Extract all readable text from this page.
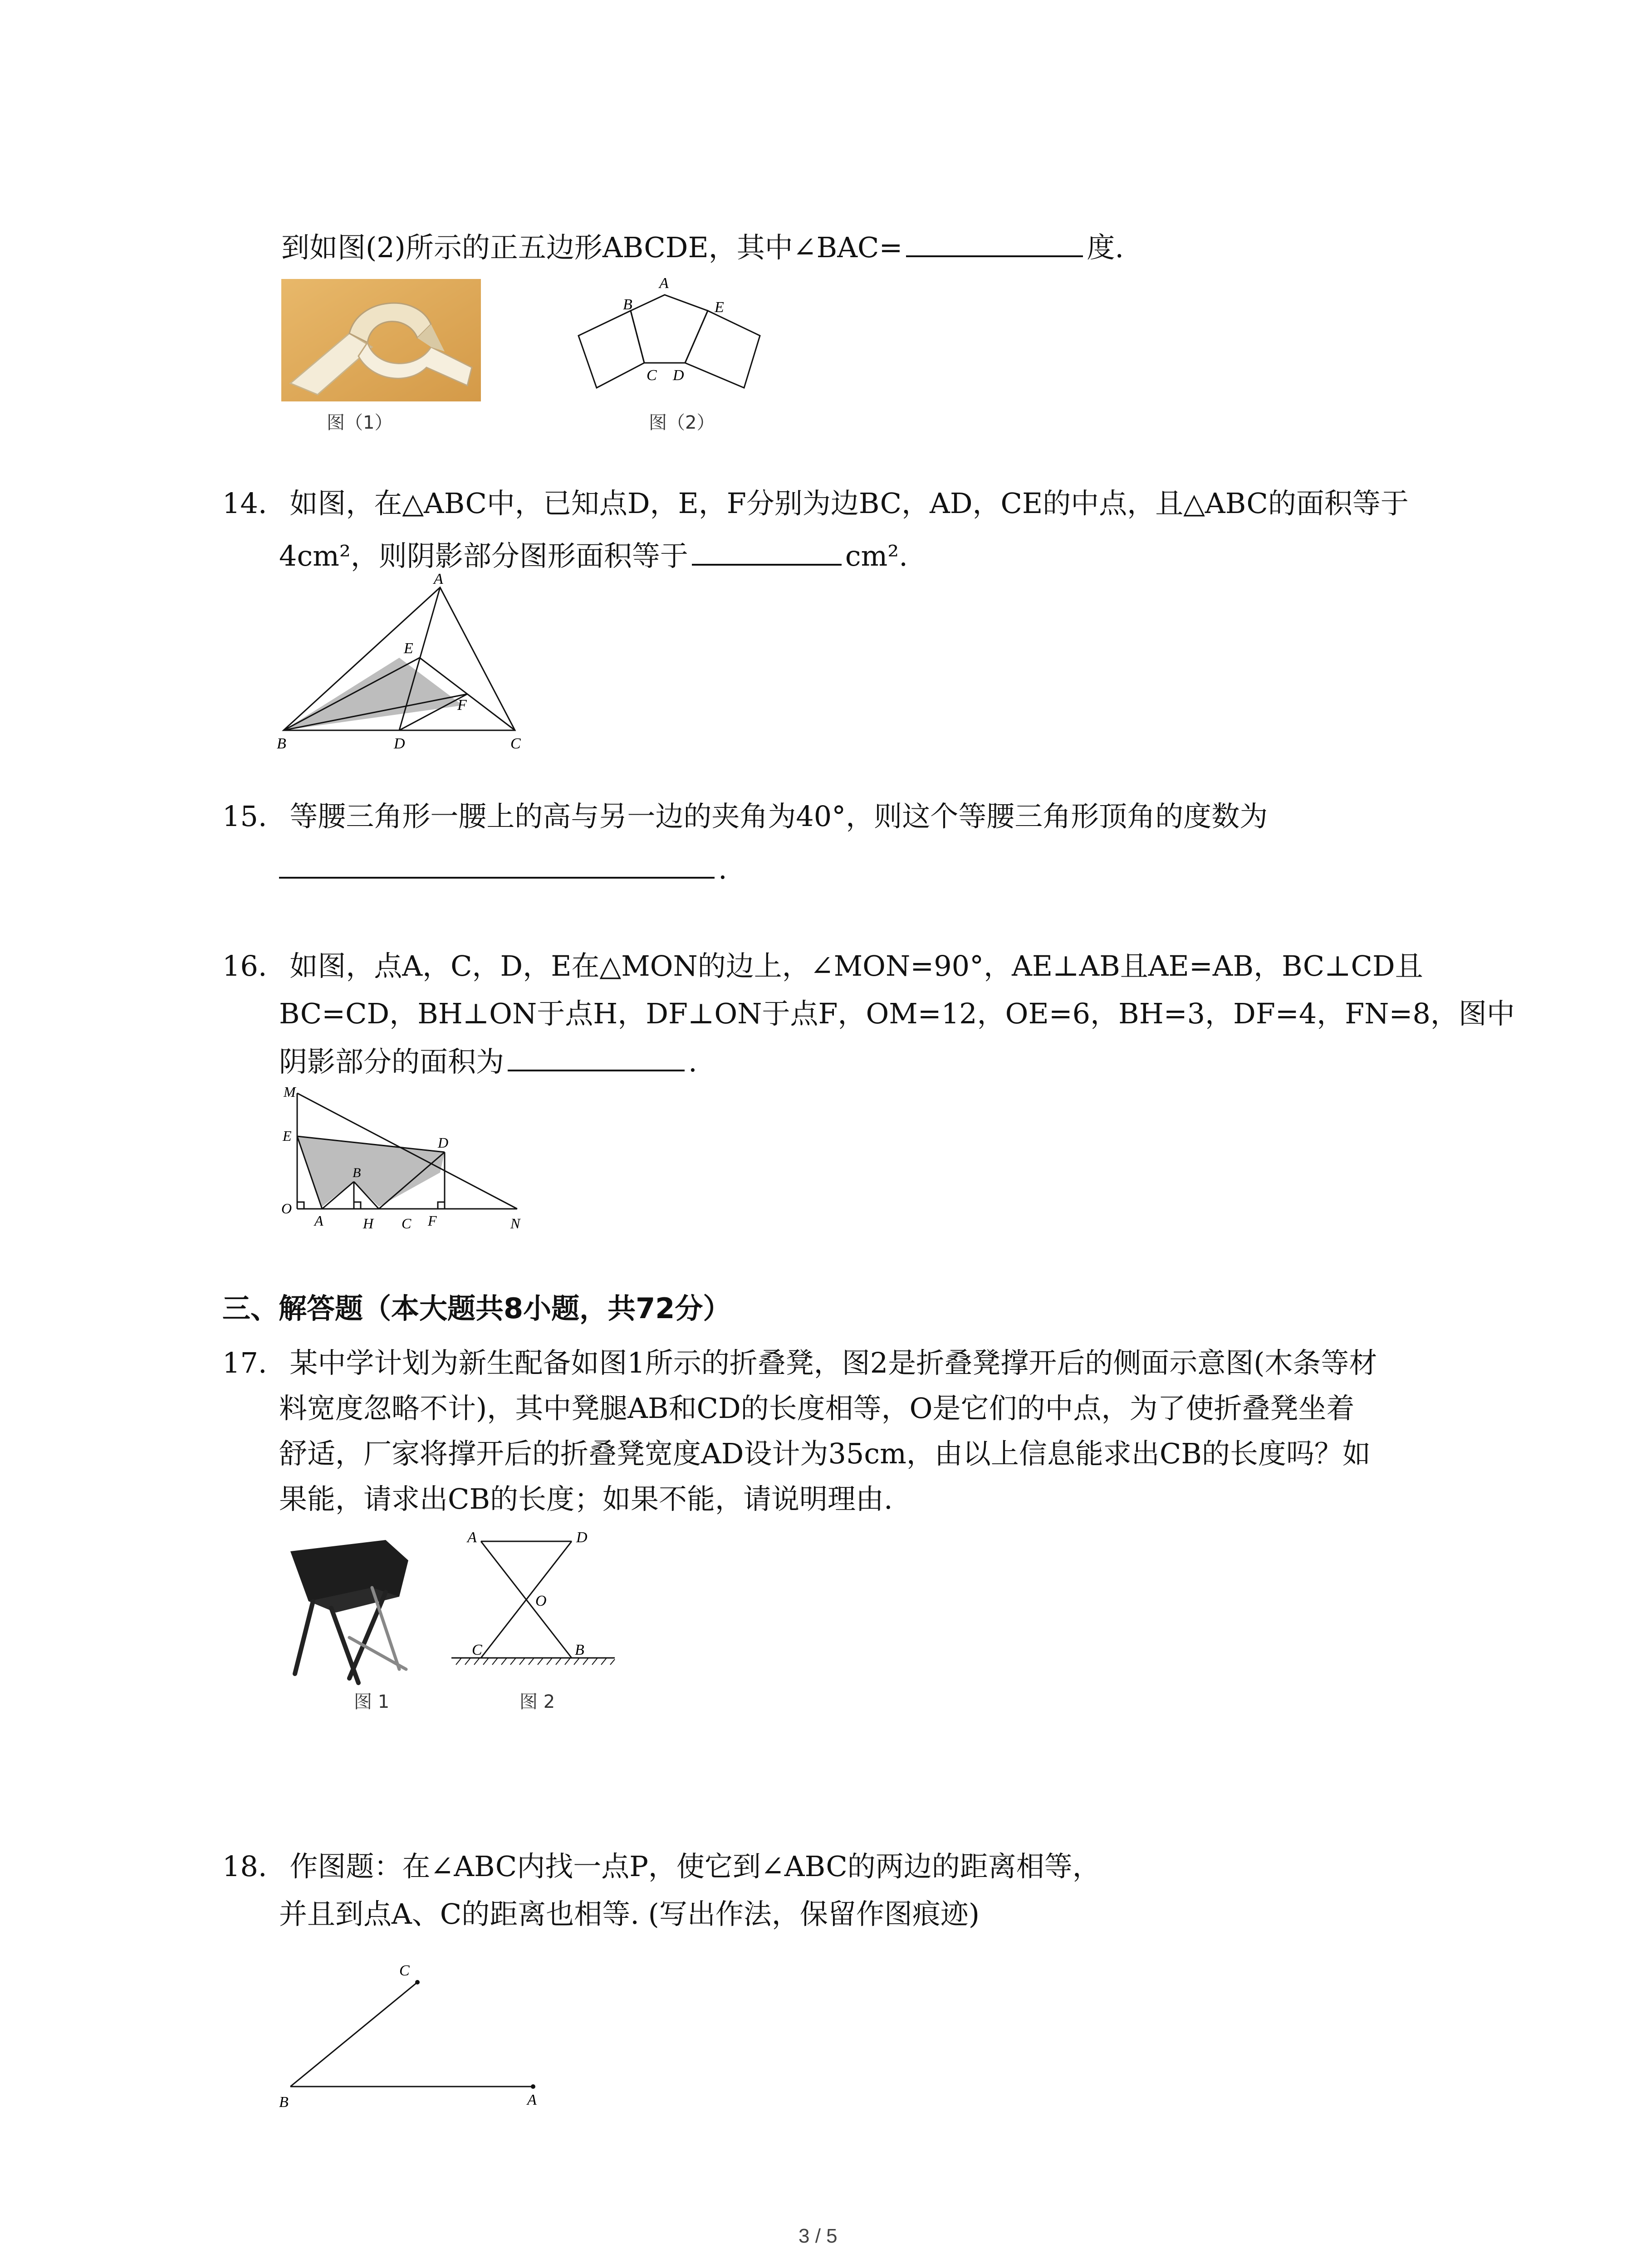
到如图(2)所示的正五边形ABCDE，其中∠BAC=	度.
图（1）
A
B	E
C D
图（2）
14. 如图，在△ABC中，已知点D，E，F分别为边BC，AD，CE的中点，且△ABC的面积等于
4cm²，则阴影部分图形面积等于	cm².
A
E
F
B	D	C
15. 等腰三角形一腰上的高与另一边的夹角为40°，则这个等腰三角形顶角的度数为
.
16. 如图，点A，C，D，E在△MON的边上，∠MON=90°，AE⊥AB且AE=AB，BC⊥CD且
BC=CD，BH⊥ON于点H，DF⊥ON于点F，OM=12，OE=6，BH=3，DF=4，FN=8，图中
阴影部分的面积为	.
M
E	D
B
O
A	H C F	N
三、解答题（本大题共8小题，共72分）
17. 某中学计划为新生配备如图1所示的折叠凳，图2是折叠凳撑开后的侧面示意图(木条等材
料宽度忽略不计)，其中凳腿AB和CD的长度相等，O是它们的中点，为了使折叠凳坐着
舒适，厂家将撑开后的折叠凳宽度AD设计为35cm，由以上信息能求出CB的长度吗？如
果能，请求出CB的长度；如果不能，请说明理由.
图 1
A	D
O
C	B
图 2
18. 作图题：在∠ABC内找一点P，使它到∠ABC的两边的距离相等，
并且到点A、C的距离也相等. (写出作法，保留作图痕迹)
C
B	A
3 / 5
